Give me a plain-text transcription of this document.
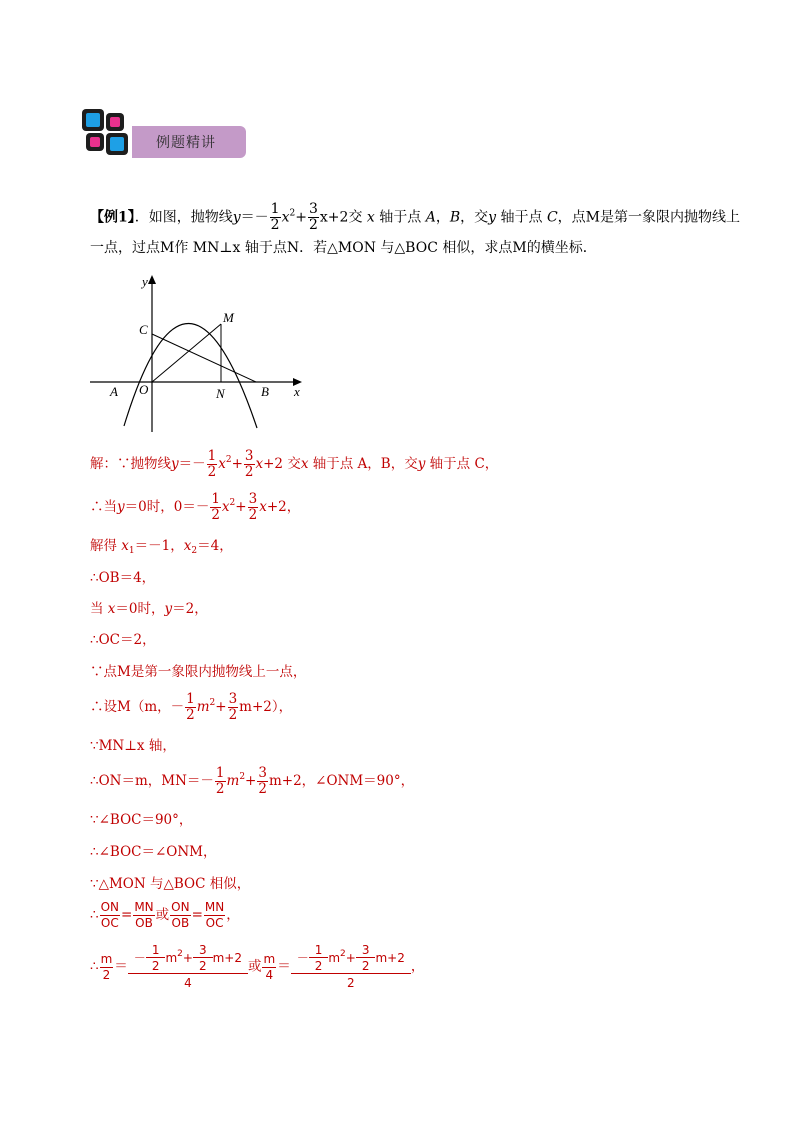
例题精讲
【例1】．如图，抛物线$y=- \frac{1}{2} x^2+ \frac{3}{2} x+2$交 x 轴于点 A，B，交y 轴于点 C，点M是第一象限内抛物线上
一点，过点M作 MN⊥x 轴于点N．若△MON 与△BOC 相似，求点M的横坐标．
y
x
C
M
A O	N	B
解：∵抛物线$y=- \frac{1}{2} x^2+ \frac{3}{2} x+2$ 交x 轴于点 A，B，交y 轴于点 C，
∴当y＝0时，$0=- \frac{1}{2} x^2+ \frac{3}{2} x+2$，
解得 $x_1=-1$，$x_2=4$，
∴OB＝4，
当 x＝0时，y＝2，
∴OC＝2，
∵点M是第一象限内抛物线上一点，
∴设M（m，－ $\frac{1}{2} m^2+ \frac{3}{2} m+2$），
∵MN⊥x 轴，
∴ON＝m，$MN=- \frac{1}{2} m^2+ \frac{3}{2} m+2$，∠ONM＝90°，
∵∠BOC＝90°，
∴∠BOC＝∠ONM，
∵△MON 与△BOC 相似，
∴ $\frac{ON}{OC} = \frac{MN}{OB}$ 或 $\frac{ON}{OB} = \frac{MN}{OC}$ ，
∴ $\frac{m}{2} = \frac{- \frac{1}{2} m^2+ \frac{3}{2} m+2}{4}$ 或 $\frac{m}{4} = \frac{- \frac{1}{2} m^2+ \frac{3}{2} m+2}{2}$ ，
